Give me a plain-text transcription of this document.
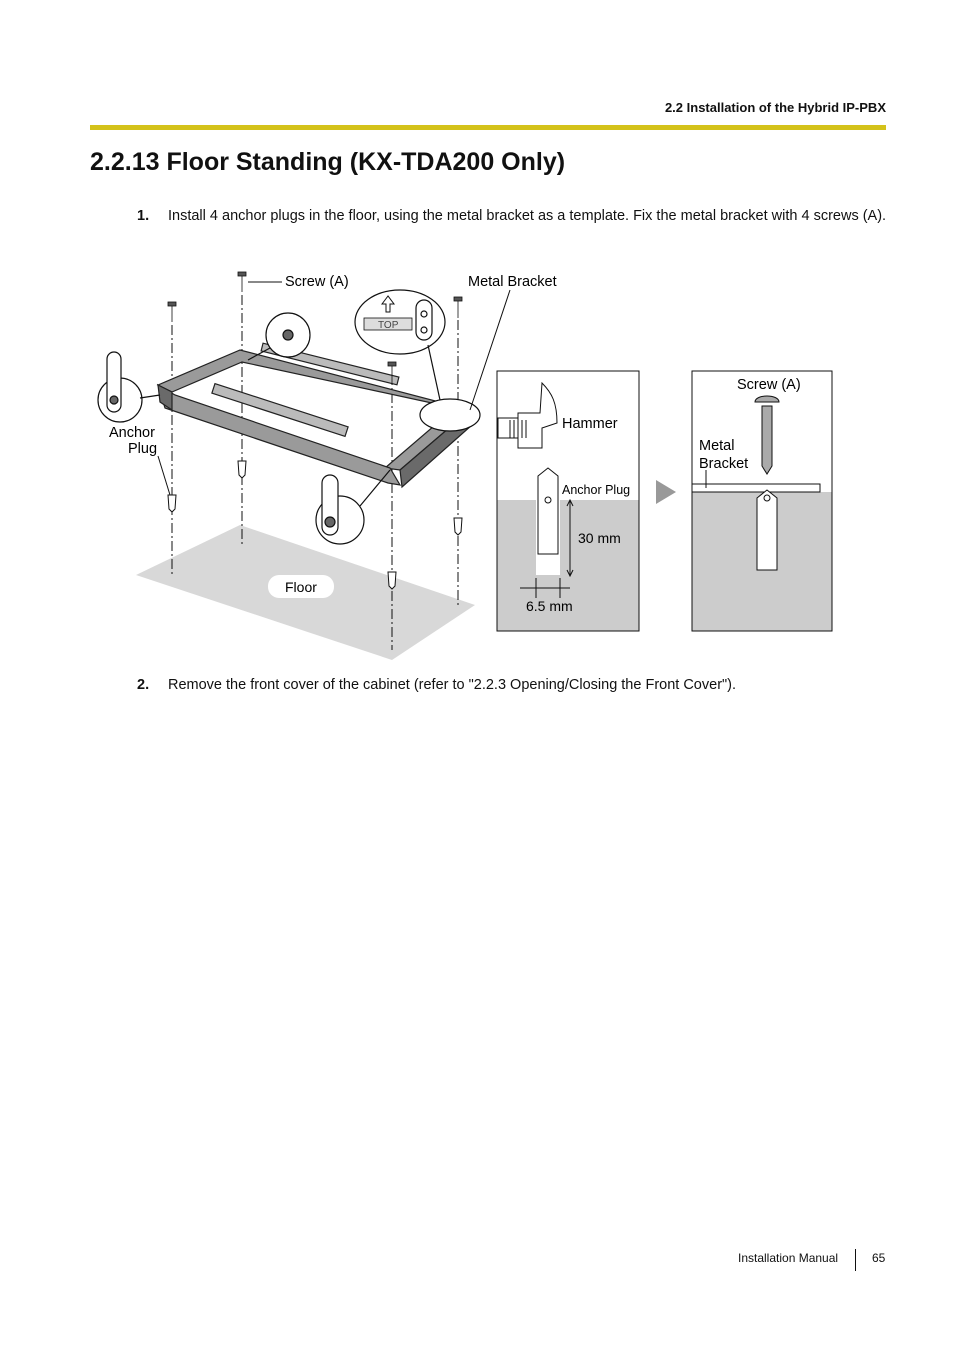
2.2 Installation of the Hybrid IP-PBX
2.2.13 Floor Standing (KX-TDA200 Only)
1. Install 4 anchor plugs in the floor, using the metal bracket as a template. Fix the metal bracket with 4 screws (A).
Floor
TOP
Screw (A)	Metal Bracket
Anchor
Plug
Hammer
Anchor Plug
30 mm
6.5 mm
Screw (A)
Metal
Bracket
2. Remove the front cover of the cabinet (refer to "2.2.3 Opening/Closing the Front Cover").
Installation Manual	65
